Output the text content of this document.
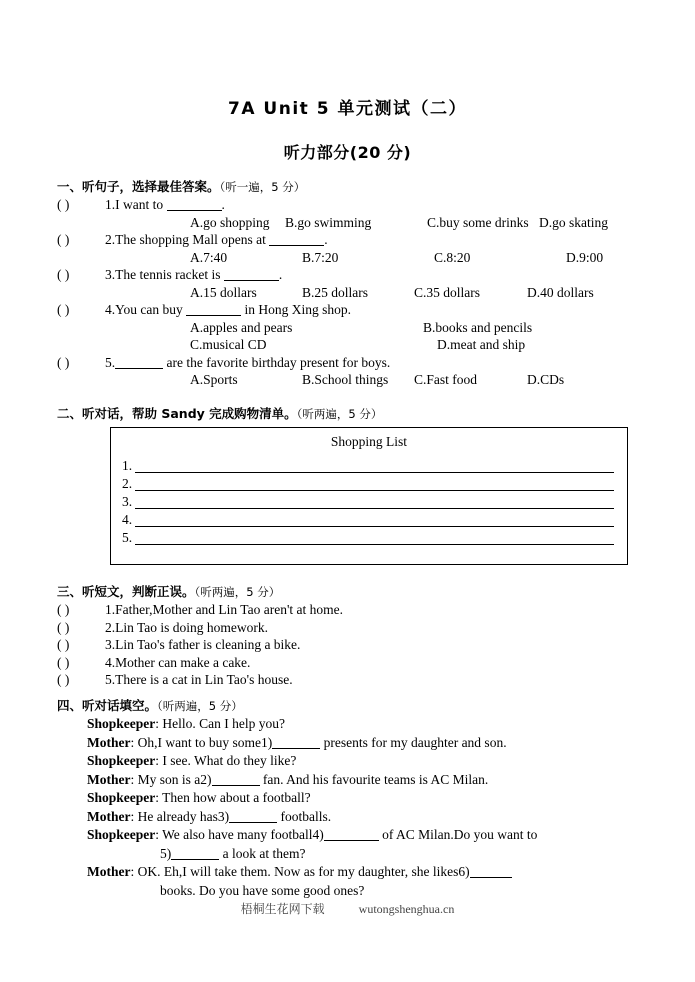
7A Unit 5 单元测试（二）
听力部分(20 分)
一、听句子，选择最佳答案。（听一遍，5 分）
( )	1.I want to	.
A.go shopping B.go swimming	C.buy some drinks D.go skating
( )	2.The shopping Mall opens at	.
A.7:40	B.7:20	C.8:20	D.9:00
( )	3.The tennis racket is	.
A.15 dollars	B.25 dollars	C.35 dollars	D.40 dollars
( )	4.You can buy	in Hong Xing shop.
A.apples and pears	B.books and pencils
C.musical CD	D.meat and ship
( )	5.	are the favorite birthday present for boys.
A.Sports	B.School things C.Fast food	D.CDs
二、听对话，帮助 Sandy 完成购物清单。（听两遍，5 分）
Shopping List
1.
2.
3.
4.
5.
三、听短文，判断正误。（听两遍，5 分）
( )	1.Father,Mother and Lin Tao aren't at home.
( )	2.Lin Tao is doing homework.
( )	3.Lin Tao's father is cleaning a bike.
( )	4.Mother can make a cake.
( )	5.There is a cat in Lin Tao's house.
四、听对话填空。（听两遍，5 分）
Shopkeeper: Hello. Can I help you?
Mother: Oh,I want to buy some1)	presents for my daughter and son.
Shopkeeper: I see. What do they like?
Mother: My son is a2)	fan. And his favourite teams is AC Milan.
Shopkeeper: Then how about a football?
Mother: He already has3)	footballs.
Shopkeeper: We also have many football4)	of AC Milan.Do you want to
5)	a look at them?
Mother: OK. Eh,I will take them. Now as for my daughter, she likes6)
books. Do you have some good ones?
梧桐生花网下载	wutongshenghua.cn
